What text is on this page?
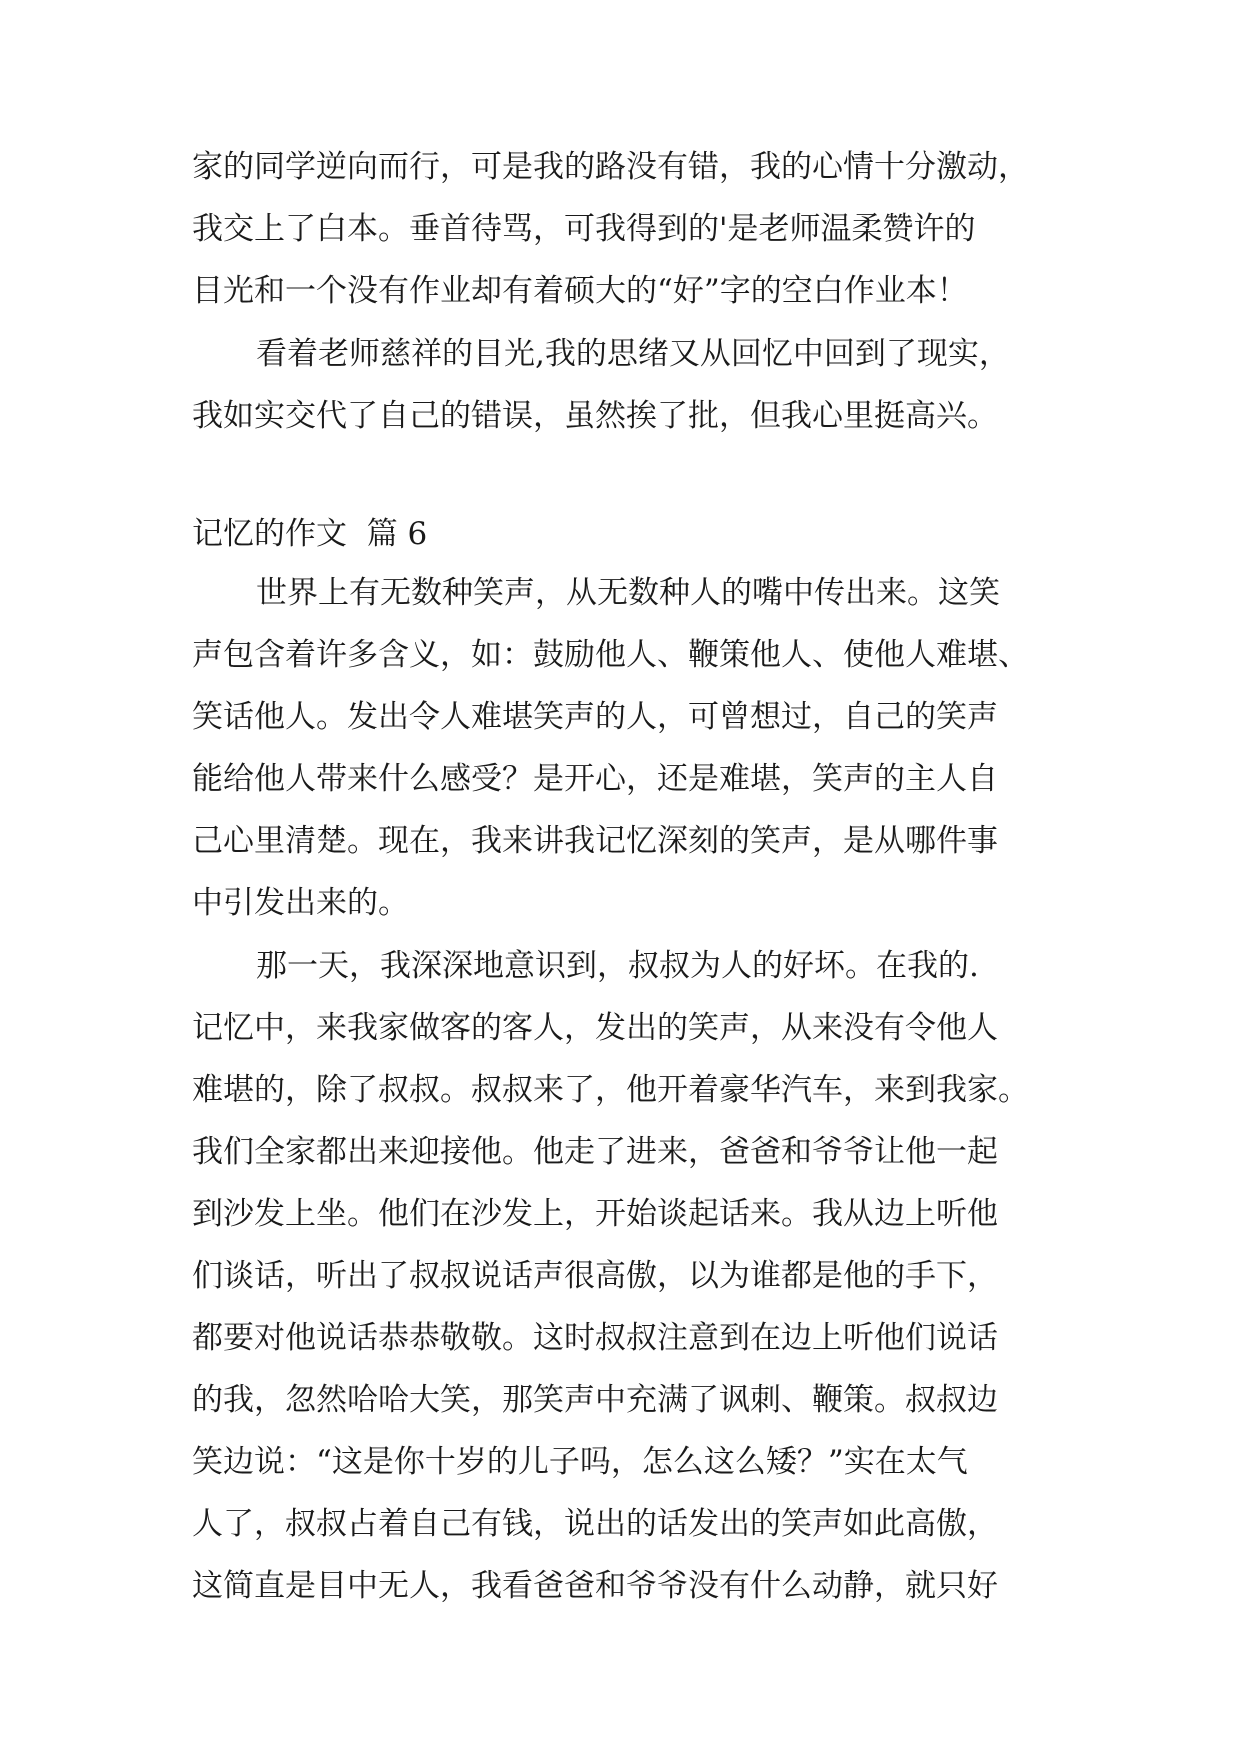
家的同学逆向而行，可是我的路没有错，我的心情十分激动，

我交上了白本。垂首待骂，可我得到的'是老师温柔赞许的

目光和一个没有作业却有着硕大的“好”字的空白作业本！

看着老师慈祥的目光,我的思绪又从回忆中回到了现实，

我如实交代了自己的错误，虽然挨了批，但我心里挺高兴。

记忆的作文  篇 6

世界上有无数种笑声，从无数种人的嘴中传出来。这笑

声包含着许多含义，如：鼓励他人、鞭策他人、使他人难堪、

笑话他人。发出令人难堪笑声的人，可曾想过，自己的笑声

能给他人带来什么感受？是开心，还是难堪，笑声的主人自

己心里清楚。现在，我来讲我记忆深刻的笑声，是从哪件事

中引发出来的。

那一天，我深深地意识到，叔叔为人的好坏。在我的.

记忆中，来我家做客的客人，发出的笑声，从来没有令他人

难堪的，除了叔叔。叔叔来了，他开着豪华汽车，来到我家。

我们全家都出来迎接他。他走了进来，爸爸和爷爷让他一起

到沙发上坐。他们在沙发上，开始谈起话来。我从边上听他

们谈话，听出了叔叔说话声很高傲，以为谁都是他的手下，

都要对他说话恭恭敬敬。这时叔叔注意到在边上听他们说话

的我，忽然哈哈大笑，那笑声中充满了讽刺、鞭策。叔叔边

笑边说：“这是你十岁的儿子吗，怎么这么矮？”实在太气

人了，叔叔占着自己有钱，说出的话发出的笑声如此高傲，

这简直是目中无人，我看爸爸和爷爷没有什么动静，就只好
